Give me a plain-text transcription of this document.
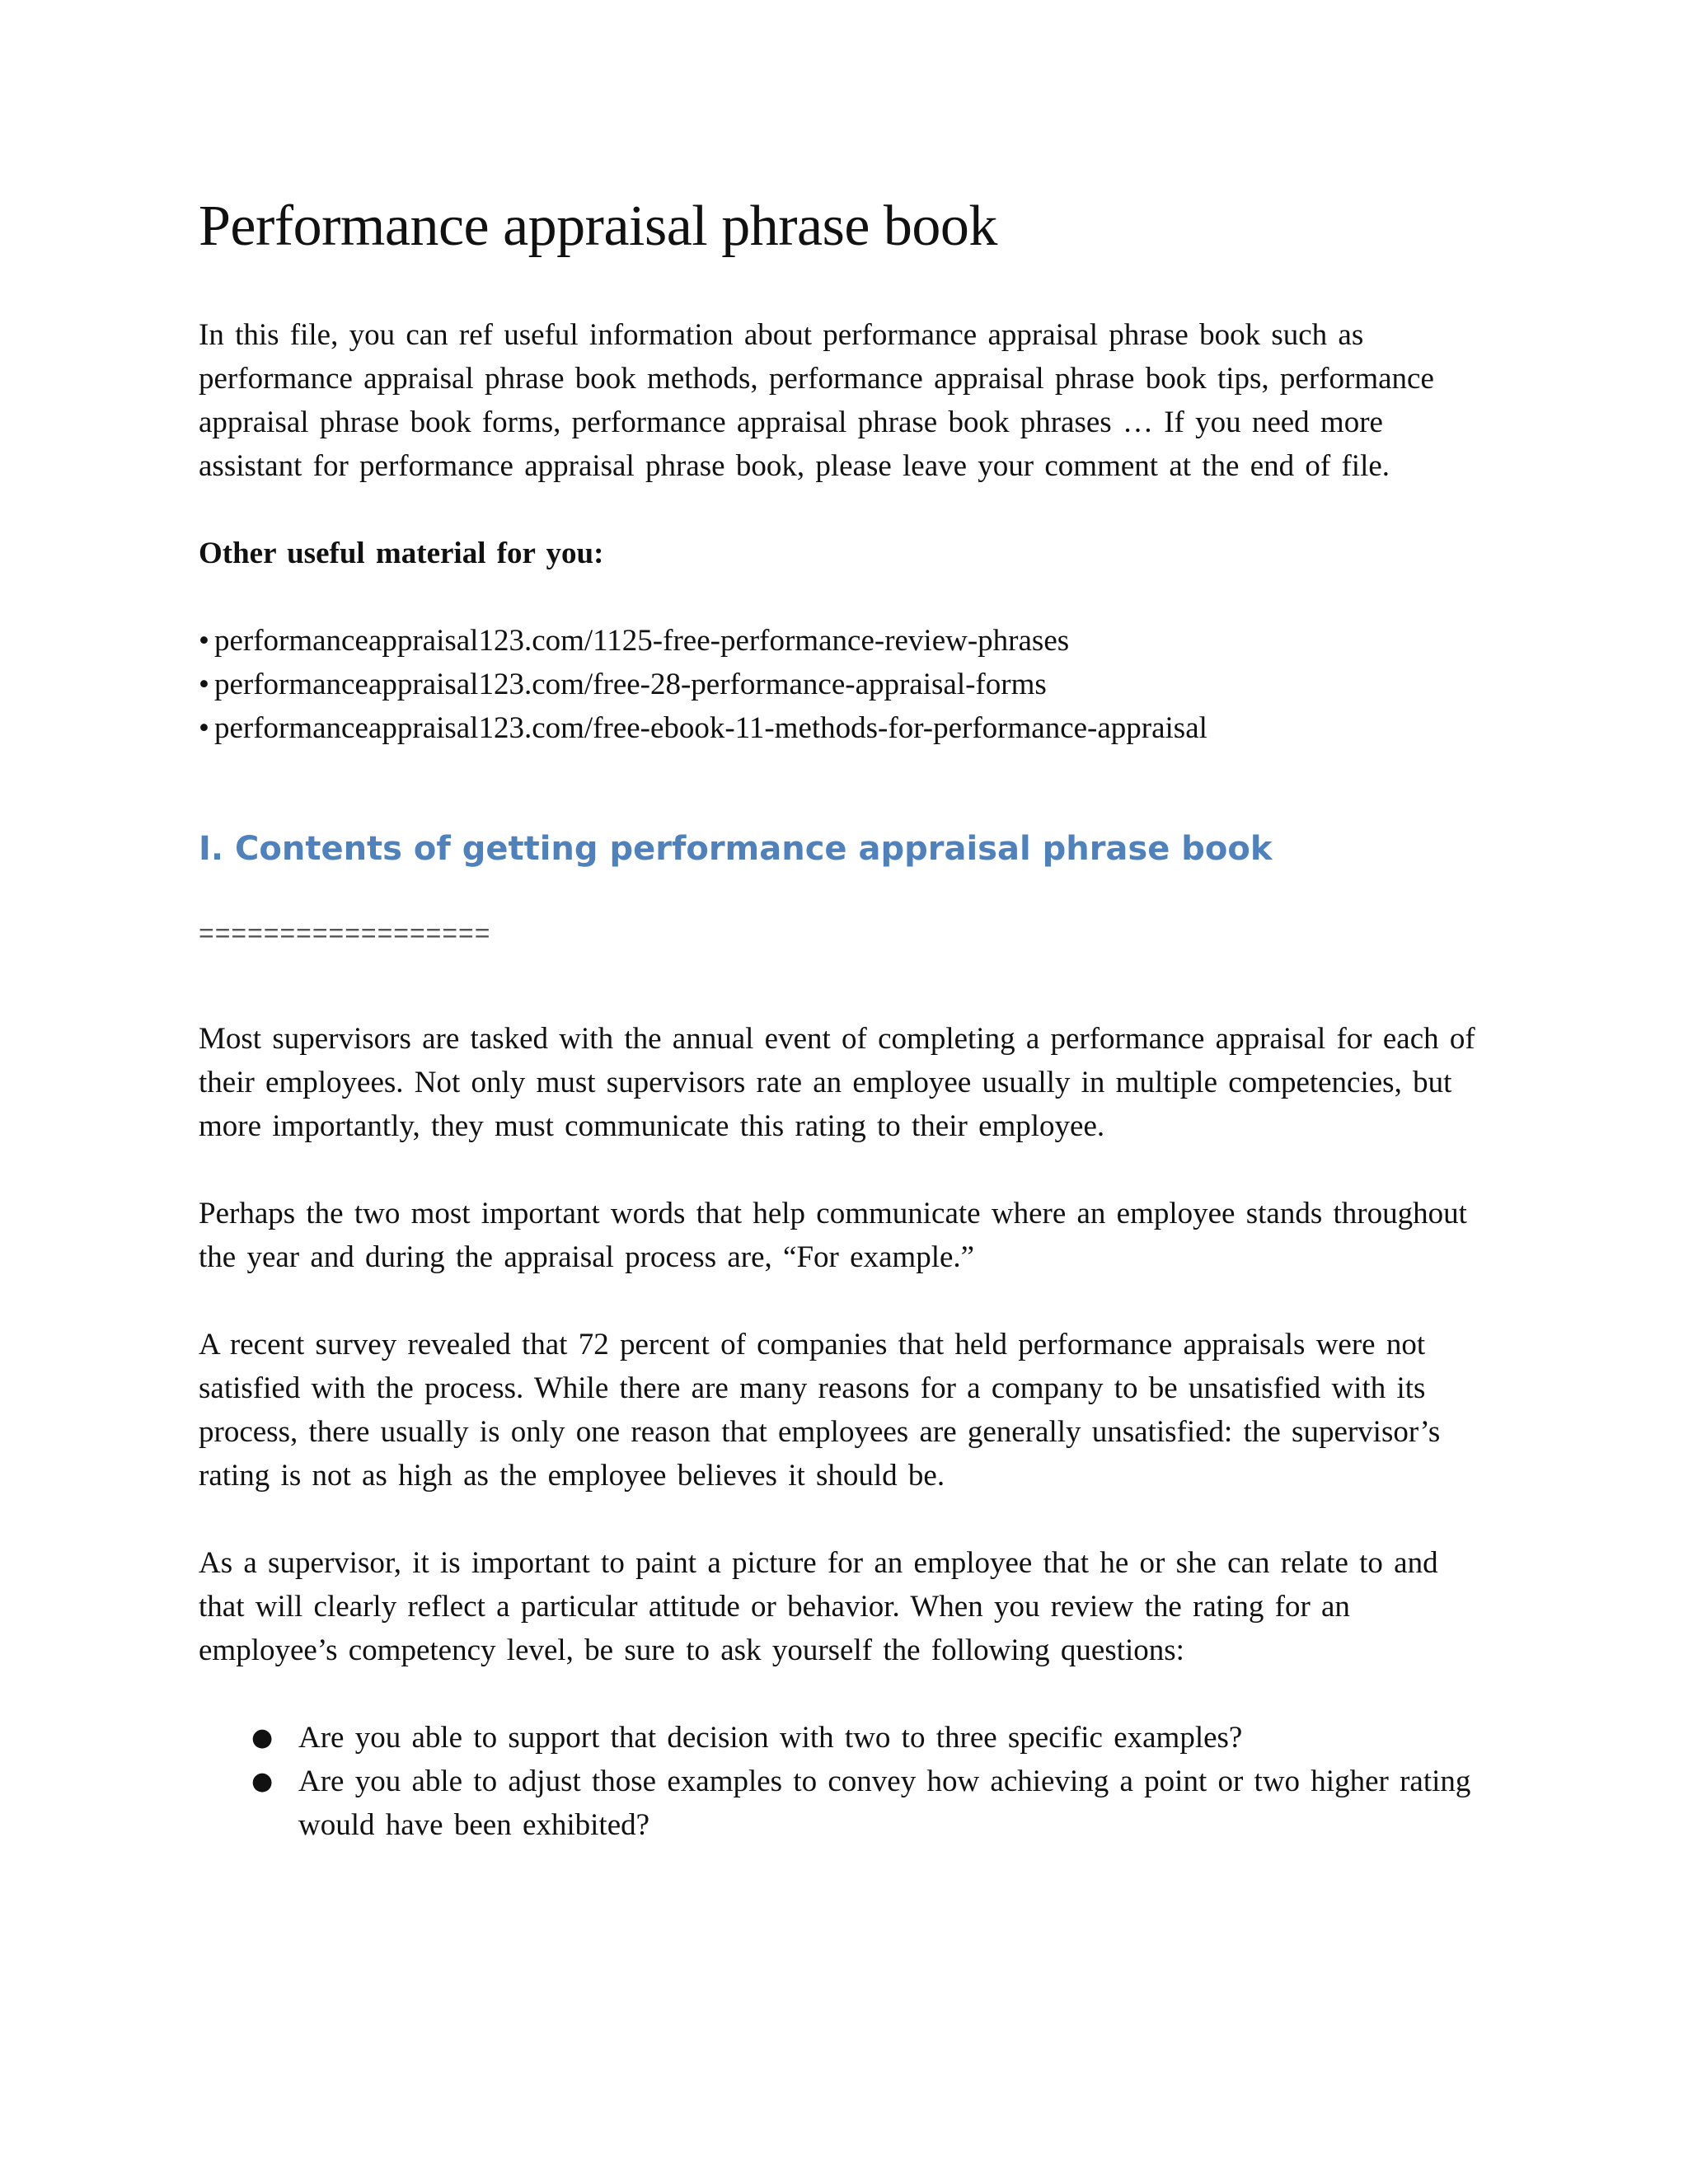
Performance appraisal phrase book

In this file, you can ref useful information about performance appraisal phrase book such as performance appraisal phrase book methods, performance appraisal phrase book tips, performance appraisal phrase book forms, performance appraisal phrase book phrases … If you need more assistant for performance appraisal phrase book, please leave your comment at the end of file.

Other useful material for you:

• performanceappraisal123.com/1125-free-performance-review-phrases
• performanceappraisal123.com/free-28-performance-appraisal-forms
• performanceappraisal123.com/free-ebook-11-methods-for-performance-appraisal
I. Contents of getting performance appraisal phrase book
==================

Most supervisors are tasked with the annual event of completing a performance appraisal for each of their employees. Not only must supervisors rate an employee usually in multiple competencies, but more importantly, they must communicate this rating to their employee.

Perhaps the two most important words that help communicate where an employee stands throughout the year and during the appraisal process are, “For example.”

A recent survey revealed that 72 percent of companies that held performance appraisals were not satisfied with the process. While there are many reasons for a company to be unsatisfied with its process, there usually is only one reason that employees are generally unsatisfied: the supervisor’s rating is not as high as the employee believes it should be.

As a supervisor, it is important to paint a picture for an employee that he or she can relate to and that will clearly reflect a particular attitude or behavior. When you review the rating for an employee’s competency level, be sure to ask yourself the following questions:

● Are you able to support that decision with two to three specific examples?
● Are you able to adjust those examples to convey how achieving a point or two higher rating would have been exhibited?
